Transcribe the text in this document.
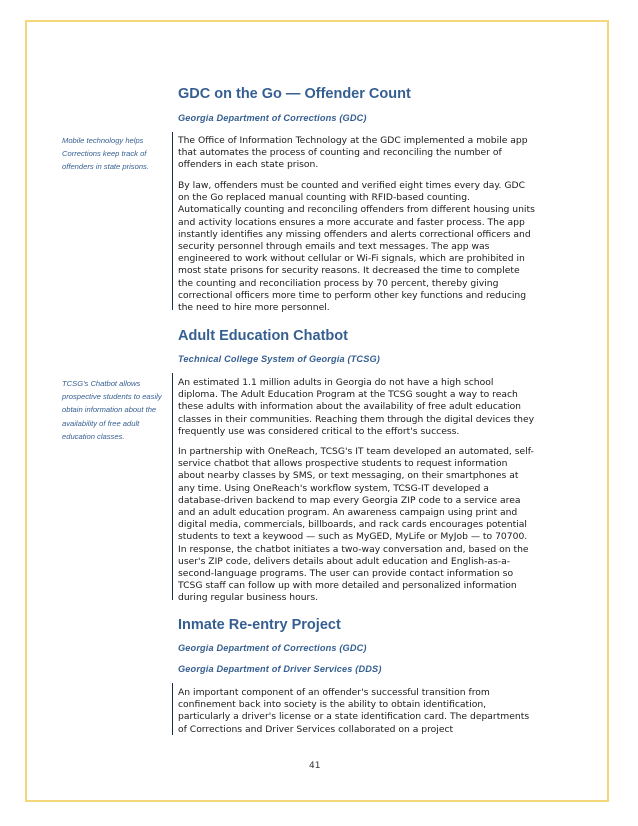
GDC on the Go — Offender Count

Georgia Department of Corrections (GDC)

Mobile technology helps Corrections keep track of offenders in state prisons.

The Office of Information Technology at the GDC implemented a mobile app that automates the process of counting and reconciling the number of offenders in each state prison.

By law, offenders must be counted and verified eight times every day. GDC on the Go replaced manual counting with RFID-based counting. Automatically counting and reconciling offenders from different housing units and activity locations ensures a more accurate and faster process. The app instantly identifies any missing offenders and alerts correctional officers and security personnel through emails and text messages. The app was engineered to work without cellular or Wi-Fi signals, which are prohibited in most state prisons for security reasons. It decreased the time to complete the counting and reconciliation process by 70 percent, thereby giving correctional officers more time to perform other key functions and reducing the need to hire more personnel.

Adult Education Chatbot

Technical College System of Georgia (TCSG)

TCSG's Chatbot allows prospective students to easily obtain information about the availability of free adult education classes.

An estimated 1.1 million adults in Georgia do not have a high school diploma. The Adult Education Program at the TCSG sought a way to reach these adults with information about the availability of free adult education classes in their communities. Reaching them through the digital devices they frequently use was considered critical to the effort's success.

In partnership with OneReach, TCSG's IT team developed an automated, self-service chatbot that allows prospective students to request information about nearby classes by SMS, or text messaging, on their smartphones at any time. Using OneReach's workflow system, TCSG-IT developed a database-driven backend to map every Georgia ZIP code to a service area and an adult education program. An awareness campaign using print and digital media, commercials, billboards, and rack cards encourages potential students to text a keywood — such as MyGED, MyLife or MyJob — to 70700. In response, the chatbot initiates a two-way conversation and, based on the user's ZIP code, delivers details about adult education and English-as-a-second-language programs. The user can provide contact information so TCSG staff can follow up with more detailed and personalized information during regular business hours.

Inmate Re-entry Project

Georgia Department of Corrections (GDC)

Georgia Department of Driver Services (DDS)

An important component of an offender's successful transition from confinement back into society is the ability to obtain identification, particularly a driver's license or a state identification card. The departments of Corrections and Driver Services collaborated on a project

41
